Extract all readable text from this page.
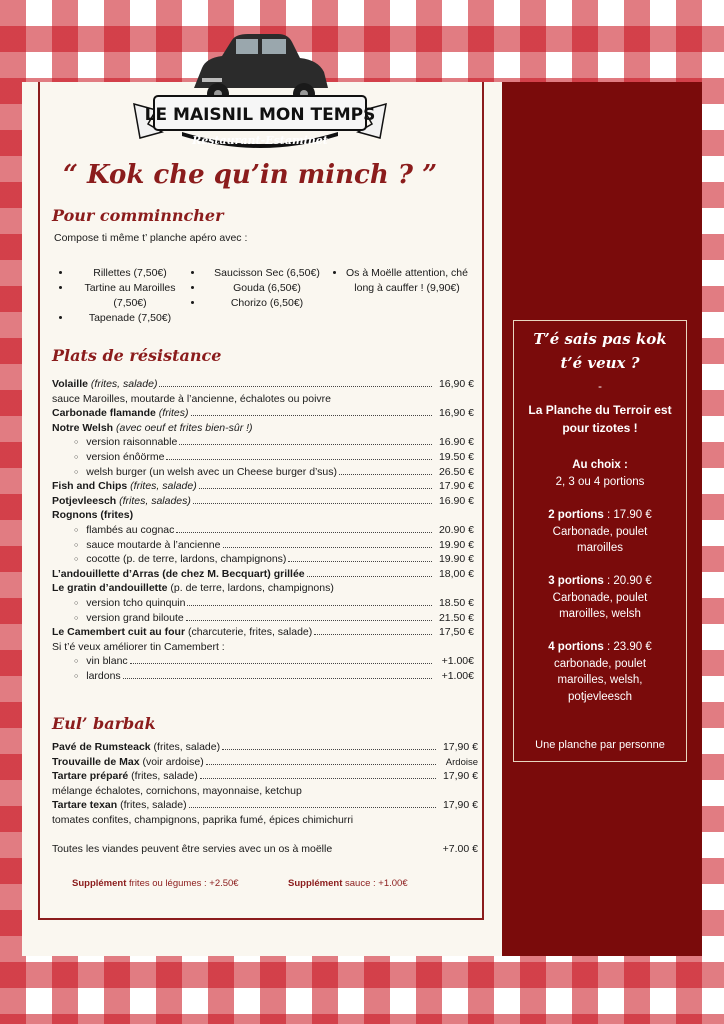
LE MAISNIL MON TEMPS
Restaurant-Estaminet
“ Kok che qu’in minch ? ”
Pour comminncher
Compose ti même t’ planche apéro avec :
• Rillettes (7,50€)
• Tartine au Maroilles (7,50€)
• Tapenade (7,50€)
• Saucisson Sec (6,50€)
• Gouda (6,50€)
• Chorizo (6,50€)
• Os à Moëlle attention, ché long à cauffer ! (9,90€)
Plats de résistance
Volaille (frites, salade)	16,90 €
sauce Maroilles, moutarde à l’ancienne, échalotes ou poivre
Carbonade flamande (frites)	16,90 €
Notre Welsh (avec oeuf et frites bien-sûr !)
○ version raisonnable	16.90 €
○ version énôörme	19.50 €
○ welsh burger (un welsh avec un Cheese burger d’sus)	26.50 €
Fish and Chips (frites, salade)	17.90 €
Potjevleesch (frites, salades)	16.90 €
Rognons (frites)
○ flambés au cognac	20.90 €
○ sauce moutarde à l’ancienne	19.90 €
○ cocotte (p. de terre, lardons, champignons)	19.90 €
L’andouillette d’Arras (de chez M. Becquart) grillée	18,00 €
Le gratin d’andouillette (p. de terre, lardons, champignons)
○ version tcho quinquin	18.50 €
○ version grand biloute	21.50 €
Le Camembert cuit au four (charcuterie, frites, salade)	17,50 €
Si t’é veux améliorer tin Camembert :
○ vin blanc	+1.00€
○ lardons	+1.00€
Eul’ barbak
Pavé de Rumsteack (frites, salade)	17,90 €
Trouvaille de Max (voir ardoise)	Ardoise
Tartare préparé (frites, salade)	17,90 €
mélange échalotes, cornichons, mayonnaise, ketchup
Tartare texan (frites, salade)	17,90 €
tomates confites, champignons, paprika fumé, épices chimichurri
Toutes les viandes peuvent être servies avec un os à moëlle	+7.00 €
Supplément frites ou légumes : +2.50€	Supplément sauce : +1.00€
T’é sais pas kok t’é veux ?
-
La Planche du Terroir est pour tizotes !
Au choix :
2, 3 ou 4 portions
2 portions : 17.90 €
Carbonade, poulet maroilles
3 portions : 20.90 €
Carbonade, poulet maroilles, welsh
4 portions : 23.90 €
carbonade, poulet maroilles, welsh, potjevleesch
Une planche par personne
